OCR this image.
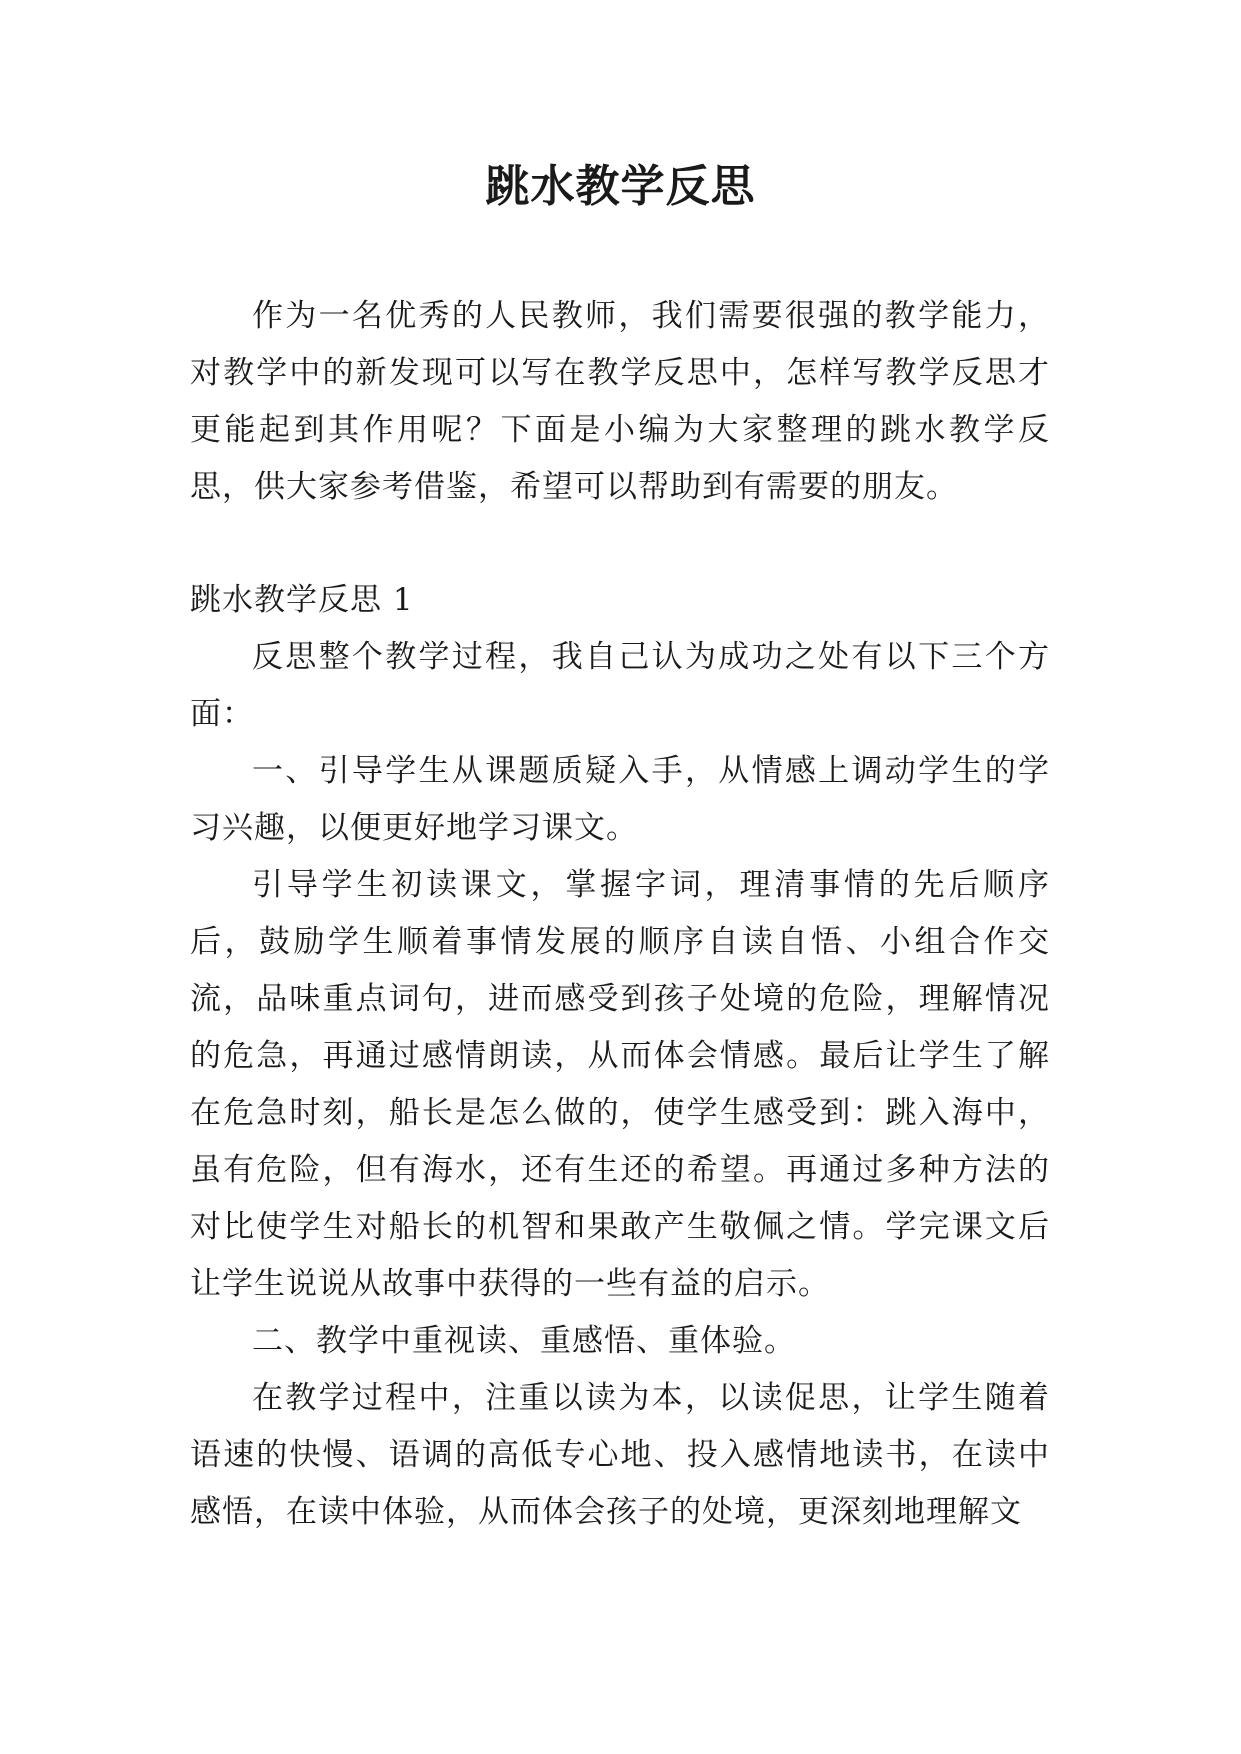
跳水教学反思

作为一名优秀的人民教师，我们需要很强的教学能力，对教学中的新发现可以写在教学反思中，怎样写教学反思才更能起到其作用呢？下面是小编为大家整理的跳水教学反思，供大家参考借鉴，希望可以帮助到有需要的朋友。

跳水教学反思 1

反思整个教学过程，我自己认为成功之处有以下三个方面：

一、引导学生从课题质疑入手，从情感上调动学生的学习兴趣，以便更好地学习课文。

引导学生初读课文，掌握字词，理清事情的先后顺序后，鼓励学生顺着事情发展的顺序自读自悟、小组合作交流，品味重点词句，进而感受到孩子处境的危险，理解情况的危急，再通过感情朗读，从而体会情感。最后让学生了解在危急时刻，船长是怎么做的，使学生感受到：跳入海中，虽有危险，但有海水，还有生还的希望。再通过多种方法的对比使学生对船长的机智和果敢产生敬佩之情。学完课文后让学生说说从故事中获得的一些有益的启示。

二、教学中重视读、重感悟、重体验。

在教学过程中，注重以读为本，以读促思，让学生随着语速的快慢、语调的高低专心地、投入感情地读书，在读中感悟，在读中体验，从而体会孩子的处境，更深刻地理解文
